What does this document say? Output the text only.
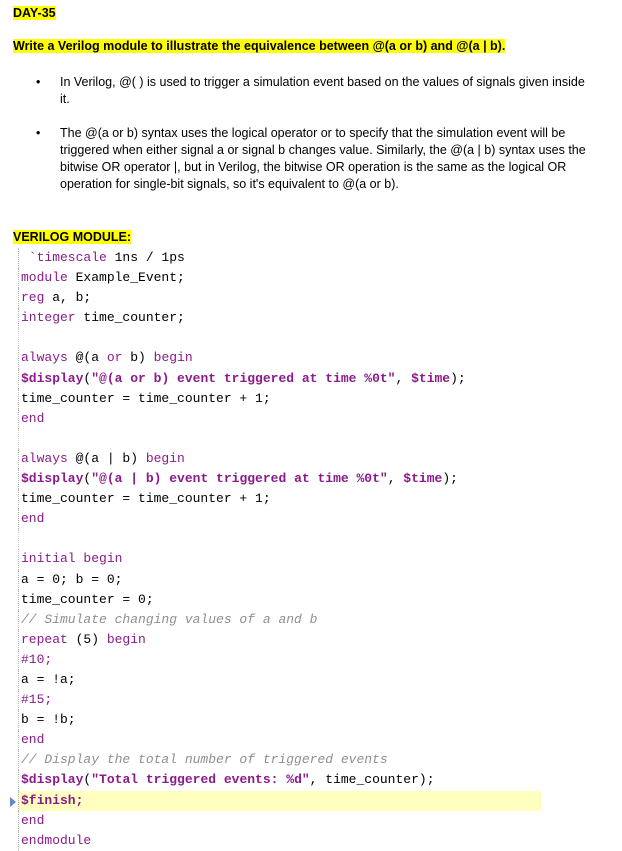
DAY-35
Write a Verilog module to illustrate the equivalence between @(a or b) and @(a | b).
• In Verilog, @( ) is used to trigger a simulation event based on the values of signals given inside it.
• The @(a or b) syntax uses the logical operator or to specify that the simulation event will be triggered when either signal a or signal b changes value. Similarly, the @(a | b) syntax uses the bitwise OR operator |, but in Verilog, the bitwise OR operation is the same as the logical OR operation for single-bit signals, so it's equivalent to @(a or b).
VERILOG MODULE:
`timescale 1ns / 1ps
module Example_Event;
reg a, b;
integer time_counter;
always @(a or b) begin
$display("@(a or b) event triggered at time %0t", $time);
time_counter = time_counter + 1;
end
always @(a | b) begin
$display("@(a | b) event triggered at time %0t", $time);
time_counter = time_counter + 1;
end
initial begin
a = 0; b = 0;
time_counter = 0;
// Simulate changing values of a and b
repeat (5) begin
#10;
a = !a;
#15;
b = !b;
end
// Display the total number of triggered events
$display("Total triggered events: %d", time_counter);
$finish;
end
endmodule
